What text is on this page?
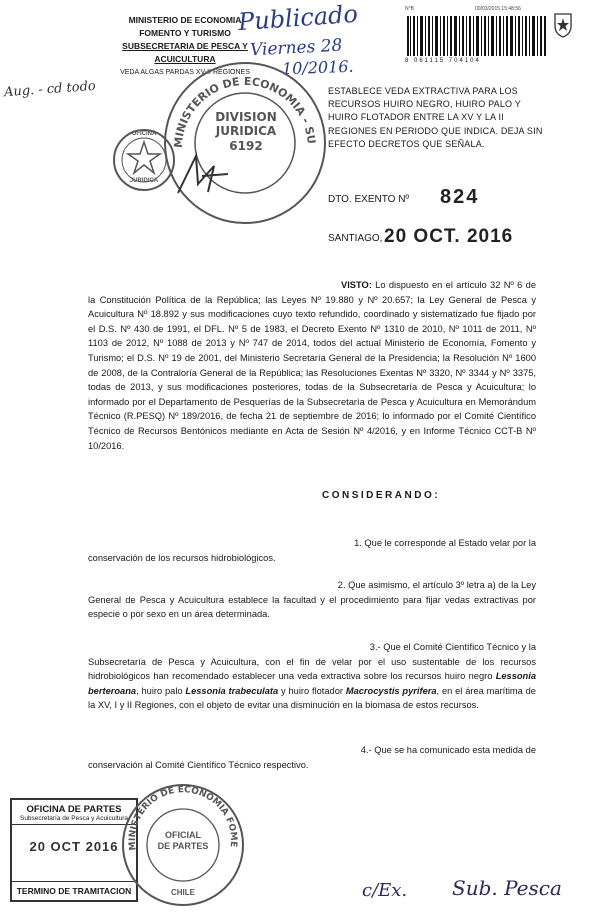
MINISTERIO DE ECONOMIA
FOMENTO Y TURISMO
SUBSECRETARIA DE PESCA Y ACUICULTURA
VEDA ALGAS PARDAS XV-II REGIONES
Publicado
Viernes 28
10/2016.
Aug. - cd todo
MINISTERIO DE ECONOMIA - SU
DIVISION
JURIDICA
6192
OFICINA
JURIDICA
N°B	00/03/2015 15:48:56
8 061115 704104
ESTABLECE VEDA EXTRACTIVA PARA LOS RECURSOS HUIRO NEGRO, HUIRO PALO Y HUIRO FLOTADOR ENTRE LA XV Y LA II REGIONES EN PERIODO QUE INDICA. DEJA SIN EFECTO DECRETOS QUE SEÑALA.
DTO. EXENTO Nº 824
SANTIAGO, 20 OCT. 2016
VISTO: Lo dispuesto en el artículo 32 Nº 6 de la Constitución Política de la República; las Leyes Nº 19.880 y Nº 20.657; la Ley General de Pesca y Acuicultura Nº 18.892 y sus modificaciones cuyo texto refundido, coordinado y sistematizado fue fijado por el D.S. Nº 430 de 1991, el DFL. Nº 5 de 1983, el Decreto Exento Nº 1310 de 2010, Nº 1011 de 2011, Nº 1103 de 2012, Nº 1088 de 2013 y Nº 747 de 2014, todos del actual Ministerio de Economía, Fomento y Turismo; el D.S. Nº 19 de 2001, del Ministerio Secretaría General de la Presidencia; la Resolución Nº 1600 de 2008, de la Contraloría General de la República; las Resoluciones Exentas Nº 3320, Nº 3344 y Nº 3375, todas de 2013, y sus modificaciones posteriores, todas de la Subsecretaría de Pesca y Acuicultura; lo informado por el Departamento de Pesquerías de la Subsecretaría de Pesca y Acuicultura en Memorándum Técnico (R.PESQ) Nº 189/2016, de fecha 21 de septiembre de 2016; lo informado por el Comité Científico Técnico de Recursos Bentónicos mediante en Acta de Sesión Nº 4/2016, y en Informe Técnico CCT-B Nº 10/2016.
CONSIDERANDO:
1. Que le corresponde al Estado velar por la
conservación de los recursos hidrobiológicos.
2. Que asimismo, el artículo 3º letra a) de la Ley
General de Pesca y Acuicultura establece la facultad y el procedimiento para fijar vedas extractivas por especie o por sexo en un área determinada.
3.- Que el Comité Científico Técnico y la
Subsecretaría de Pesca y Acuicultura, con el fin de velar por el uso sustentable de los recursos hidrobiológicos han recomendado establecer una veda extractiva sobre los recursos huiro negro Lessonia berteroana, huiro palo Lessonia trabeculata y huiro flotador Macrocystis pyrifera, en el área marítima de la XV, I y II Regiones, con el objeto de evitar una disminución en la biomasa de estos recursos.
4.- Que se ha comunicado esta medida de
conservación al Comité Científico Técnico respectivo.
OFICINA DE PARTES
Subsecretaría de Pesca y Acuicultura
20 OCT 2016
TERMINO DE TRAMITACION
MINISTERIO DE ECONOMIA FOME
OFICIAL
DE PARTES
CHILE	c/Ex. Sub. Pesca
